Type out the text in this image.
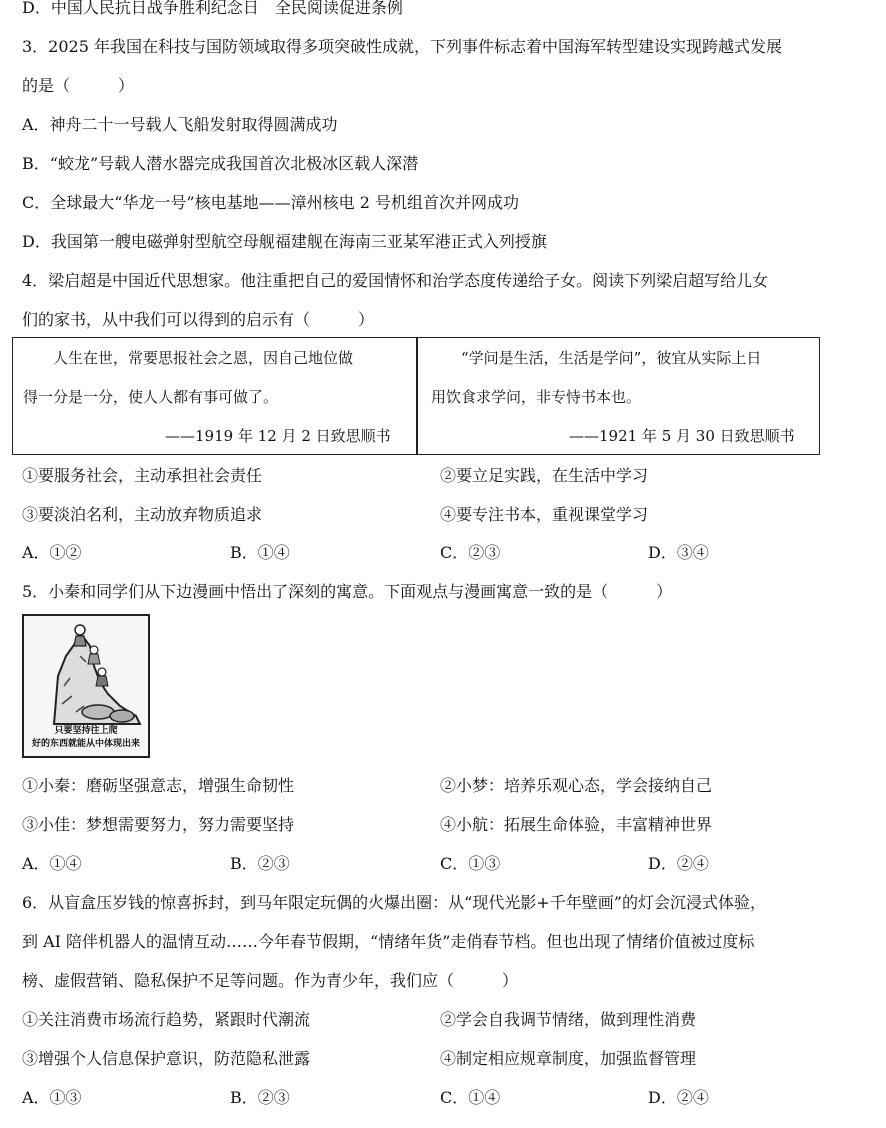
D．中国人民抗日战争胜利纪念日　全民阅读促进条例
3．2025 年我国在科技与国防领域取得多项突破性成就，下列事件标志着中国海军转型建设实现跨越式发展
的是（　　　）
A．神舟二十一号载人飞船发射取得圆满成功
B．“蛟龙”号载人潜水器完成我国首次北极冰区载人深潜
C．全球最大“华龙一号”核电基地——漳州核电 2 号机组首次并网成功
D．我国第一艘电磁弹射型航空母舰福建舰在海南三亚某军港正式入列授旗
4．梁启超是中国近代思想家。他注重把自己的爱国情怀和治学态度传递给子女。阅读下列梁启超写给儿女
们的家书，从中我们可以得到的启示有（　　　）
　　人生在世，常要思报社会之恩，因自己地位做
得一分是一分，使人人都有事可做了。
——1919 年 12 月 2 日致思顺书
　　“学问是生活，生活是学问”，彼宜从实际上日
用饮食求学问，非专恃书本也。
——1921 年 5 月 30 日致思顺书
①要服务社会，主动承担社会责任	②要立足实践，在生活中学习
③要淡泊名利，主动放弃物质追求	④要专注书本，重视课堂学习
A．①②	B．①④	C．②③	D．③④
5．小秦和同学们从下边漫画中悟出了深刻的寓意。下面观点与漫画寓意一致的是（　　　）
只要坚持往上爬
好的东西就能从中体现出来
①小秦：磨砺坚强意志，增强生命韧性	②小梦：培养乐观心态，学会接纳自己
③小佳：梦想需要努力，努力需要坚持	④小航：拓展生命体验，丰富精神世界
A．①④	B．②③	C．①③	D．②④
6．从盲盒压岁钱的惊喜拆封，到马年限定玩偶的火爆出圈：从“现代光影+千年壁画”的灯会沉浸式体验，
到 AI 陪伴机器人的温情互动……今年春节假期，“情绪年货”走俏春节档。但也出现了情绪价值被过度标
榜、虚假营销、隐私保护不足等问题。作为青少年，我们应（　　　）
①关注消费市场流行趋势，紧跟时代潮流	②学会自我调节情绪，做到理性消费
③增强个人信息保护意识，防范隐私泄露	④制定相应规章制度，加强监督管理
A．①③	B．②③	C．①④	D．②④
